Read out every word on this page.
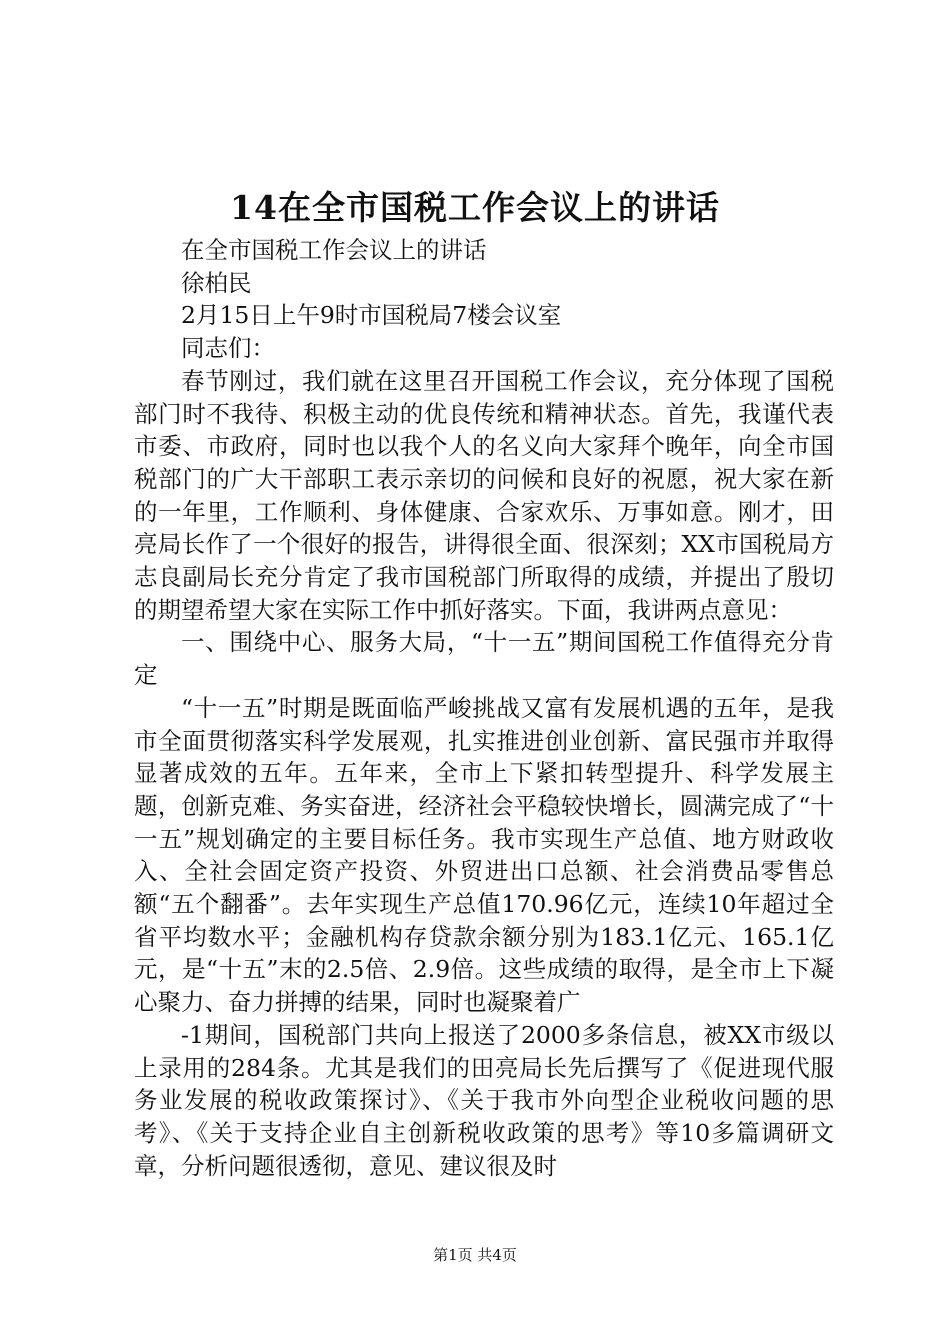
14在全市国税工作会议上的讲话

在全市国税工作会议上的讲话

徐柏民

2月15日上午9时市国税局7楼会议室

同志们：

春节刚过，我们就在这里召开国税工作会议，充分体现了国税部门时不我待、积极主动的优良传统和精神状态。首先，我谨代表市委、市政府，同时也以我个人的名义向大家拜个晚年，向全市国税部门的广大干部职工表示亲切的问候和良好的祝愿，祝大家在新的一年里，工作顺利、身体健康、合家欢乐、万事如意。刚才，田亮局长作了一个很好的报告，讲得很全面、很深刻；XX市国税局方志良副局长充分肯定了我市国税部门所取得的成绩，并提出了殷切的期望希望大家在实际工作中抓好落实。下面，我讲两点意见：

一、围绕中心、服务大局，“十一五”期间国税工作值得充分肯定

“十一五”时期是既面临严峻挑战又富有发展机遇的五年，是我市全面贯彻落实科学发展观，扎实推进创业创新、富民强市并取得显著成效的五年。五年来，全市上下紧扣转型提升、科学发展主题，创新克难、务实奋进，经济社会平稳较快增长，圆满完成了“十一五”规划确定的主要目标任务。我市实现生产总值、地方财政收入、全社会固定资产投资、外贸进出口总额、社会消费品零售总额“五个翻番”。去年实现生产总值170.96亿元，连续10年超过全省平均数水平；金融机构存贷款余额分别为183.1亿元、165.1亿元，是“十五”末的2.5倍、2.9倍。这些成绩的取得，是全市上下凝心聚力、奋力拼搏的结果，同时也凝聚着广

-1期间，国税部门共向上报送了2000多条信息，被XX市级以上录用的284条。尤其是我们的田亮局长先后撰写了《促进现代服务业发展的税收政策探讨》、《关于我市外向型企业税收问题的思考》、《关于支持企业自主创新税收政策的思考》等10多篇调研文章，分析问题很透彻，意见、建议很及时

第1页 共4页
